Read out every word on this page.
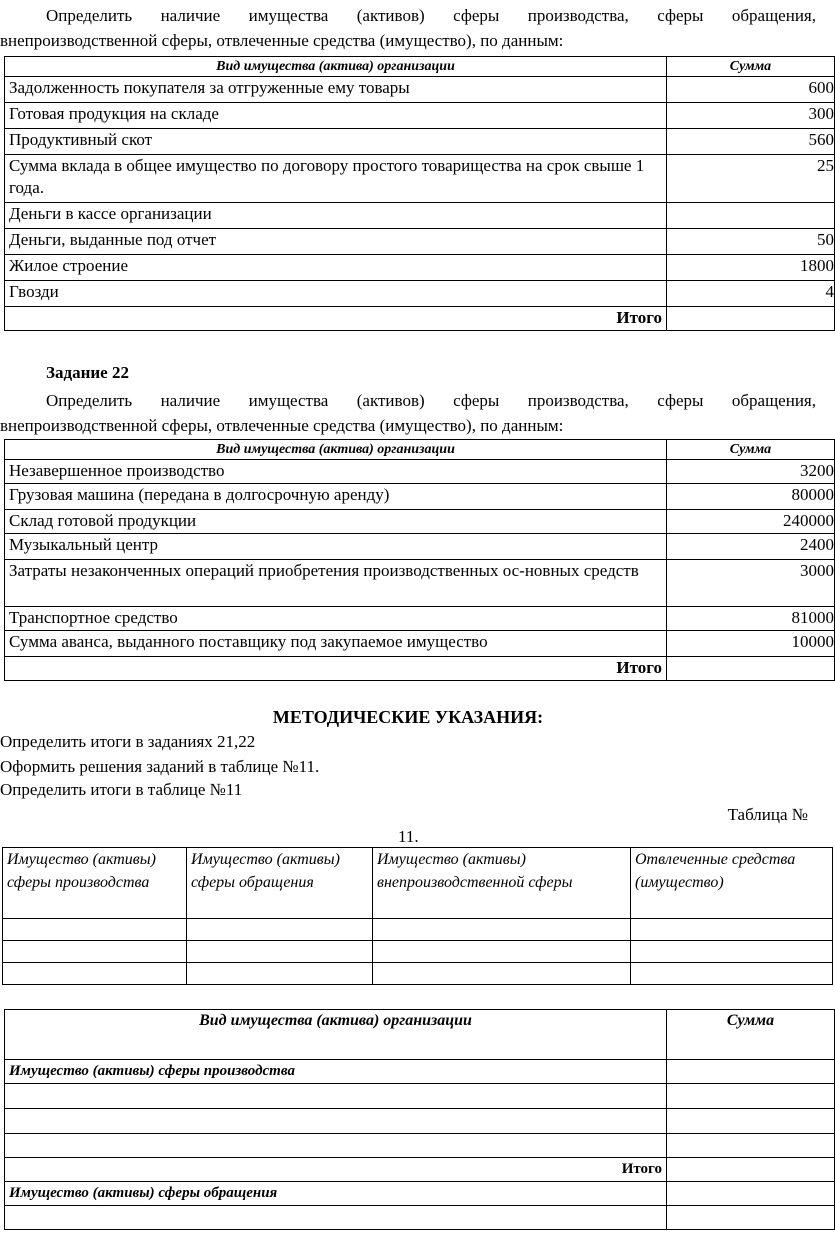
Определить наличие имущества (активов) сферы производства, сферы обращения,
внепроизводственной сферы, отвлеченные средства (имущество), по данным:
Вид имущества (актива) организации	Сумма
Задолженность покупателя за отгруженные ему товары	600
Готовая продукция на складе	300
Продуктивный скот	560
Сумма вклада в общее имущество по договору простого товарищества на срок свыше 1 года.	25
Деньги в кассе организации	
Деньги, выданные под отчет	50
Жилое строение	1800
Гвозди	4
Итого	
Задание 22
Определить наличие имущества (активов) сферы производства, сферы обращения,
внепроизводственной сферы, отвлеченные средства (имущество), по данным:
Вид имущества (актива) организации	Сумма
Незавершенное производство	3200
Грузовая машина (передана в долгосрочную аренду)	80000
Склад готовой продукции	240000
Музыкальный центр	2400
Затраты незаконченных операций приобретения производственных ос-новных средств	3000
Транспортное средство	81000
Сумма аванса, выданного поставщику под закупаемое имущество	10000
Итого	
МЕТОДИЧЕСКИЕ УКАЗАНИЯ:
Определить итоги в заданиях 21,22
Оформить решения заданий в таблице №11.
Определить итоги в таблице №11
Таблица №
11.
Имущество (активы) сферы производства	Имущество (активы) сферы обращения	Имущество (активы) внепроизводственной сферы	Отвлеченные средства (имущество)

Вид имущества (актива) организации	Сумма
Имущество (активы) сферы производства	

Итого	
Имущество (активы) сферы обращения	
